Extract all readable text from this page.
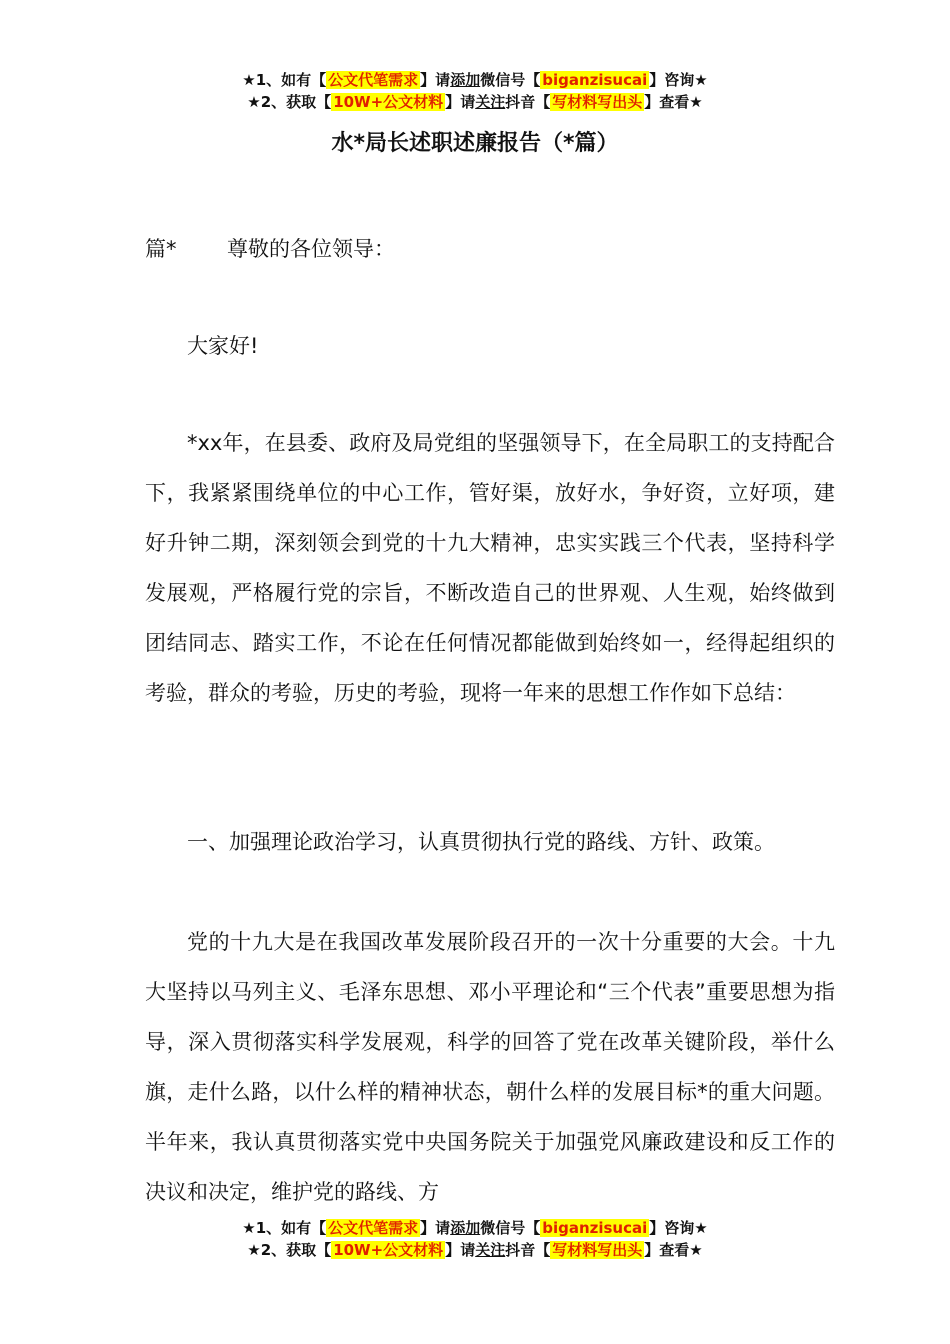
★1、如有【 公文代笔需求 】请添加微信号【 biganzisucai 】咨询★
★2、获取【 10W+公文材料 】请关注抖音【 写材料写出头 】查看★
水*局长述职述廉报告（*篇）

篇* 尊敬的各位领导：

大家好!

*xx年，在县委、政府及局党组的坚强领导下，在全局职工的支持配合下，我紧紧围绕单位的中心工作，管好渠，放好水，争好资，立好项，建好升钟二期，深刻领会到党的十九大精神，忠实实践三个代表，坚持科学发展观，严格履行党的宗旨，不断改造自己的世界观、人生观，始终做到团结同志、踏实工作，不论在任何情况都能做到始终如一，经得起组织的考验，群众的考验，历史的考验，现将一年来的思想工作作如下总结：

一、加强理论政治学习，认真贯彻执行党的路线、方针、政策。

党的十九大是在我国改革发展阶段召开的一次十分重要的大会。十九大坚持以马列主义、毛泽东思想、邓小平理论和“三个代表”重要思想为指导，深入贯彻落实科学发展观，科学的回答了党在改革关键阶段，举什么旗，走什么路，以什么样的精神状态，朝什么样的发展目标*的重大问题。半年来，我认真贯彻落实党中央国务院关于加强党风廉政建设和反工作的决议和决定，维护党的路线、方

★1、如有【 公文代笔需求 】请添加微信号【 biganzisucai 】咨询★
★2、获取【 10W+公文材料 】请关注抖音【 写材料写出头 】查看★
